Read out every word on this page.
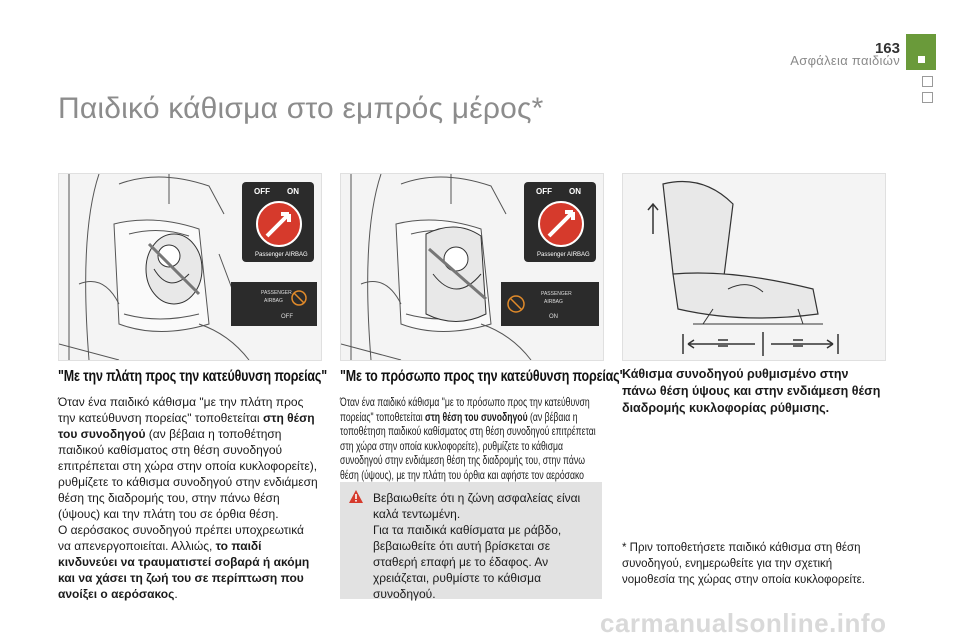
163
Ασφάλεια παιδιών
Παιδικό κάθισμα στο εμπρός μέρος*
OFF ON
Passenger AIRBAG
PASSENGER
AIRBAG
OFF
OFF ON
Passenger AIRBAG
PASSENGER
AIRBAG
ON
"Με την πλάτη προς την κατεύθυνση πορείας"
Όταν ένα παιδικό κάθισμα "με την πλάτη προς την κατεύθυνση πορείας" τοποθετείται στη θέση του συνοδηγού (αν βέβαια η τοποθέτηση παιδικού καθίσματος στη θέση συνοδηγού επιτρέπεται στη χώρα στην οποία κυκλοφορείτε), ρυθμίζετε το κάθισμα συνοδηγού στην ενδιάμεση θέση της διαδρομής του, στην πάνω θέση (ύψους) και την πλάτη του σε όρθια θέση.
Ο αερόσακος συνοδηγού πρέπει υποχρεωτικά να απενεργοποιείται. Αλλιώς, το παιδί κινδυνεύει να τραυματιστεί σοβαρά ή ακόμη και να χάσει τη ζωή του σε περίπτωση που ανοίξει ο αερόσακος.
"Με το πρόσωπο προς την κατεύθυνση πορείας"
Όταν ένα παιδικό κάθισμα "με το πρόσωπο προς την κατεύθυνση πορείας" τοποθετείται στη θέση του συνοδηγού (αν βέβαια η τοποθέτηση παιδικού καθίσματος στη θέση συνοδηγού επιτρέπεται στη χώρα στην οποία κυκλοφορείτε), ρυθμίζετε το κάθισμα συνοδηγού στην ενδιάμεση θέση της διαδρομής του, στην πάνω θέση (ύψους), με την πλάτη του όρθια και αφήστε τον αερόσακο
Βεβαιωθείτε ότι η ζώνη ασφαλείας είναι καλά τεντωμένη.
Για τα παιδικά καθίσματα με ράβδο, βεβαιωθείτε ότι αυτή βρίσκεται σε σταθερή επαφή με το έδαφος. Αν χρειάζεται, ρυθμίστε το κάθισμα συνοδηγού.
Κάθισμα συνοδηγού ρυθμισμένο στην πάνω θέση ύψους και στην ενδιάμεση θέση διαδρομής κυκλοφορίας ρύθμισης.
* Πριν τοποθετήσετε παιδικό κάθισμα στη θέση συνοδηγού, ενημερωθείτε για την σχετική νομοθεσία της χώρας στην οποία κυκλοφορείτε.
carmanualsonline.info
